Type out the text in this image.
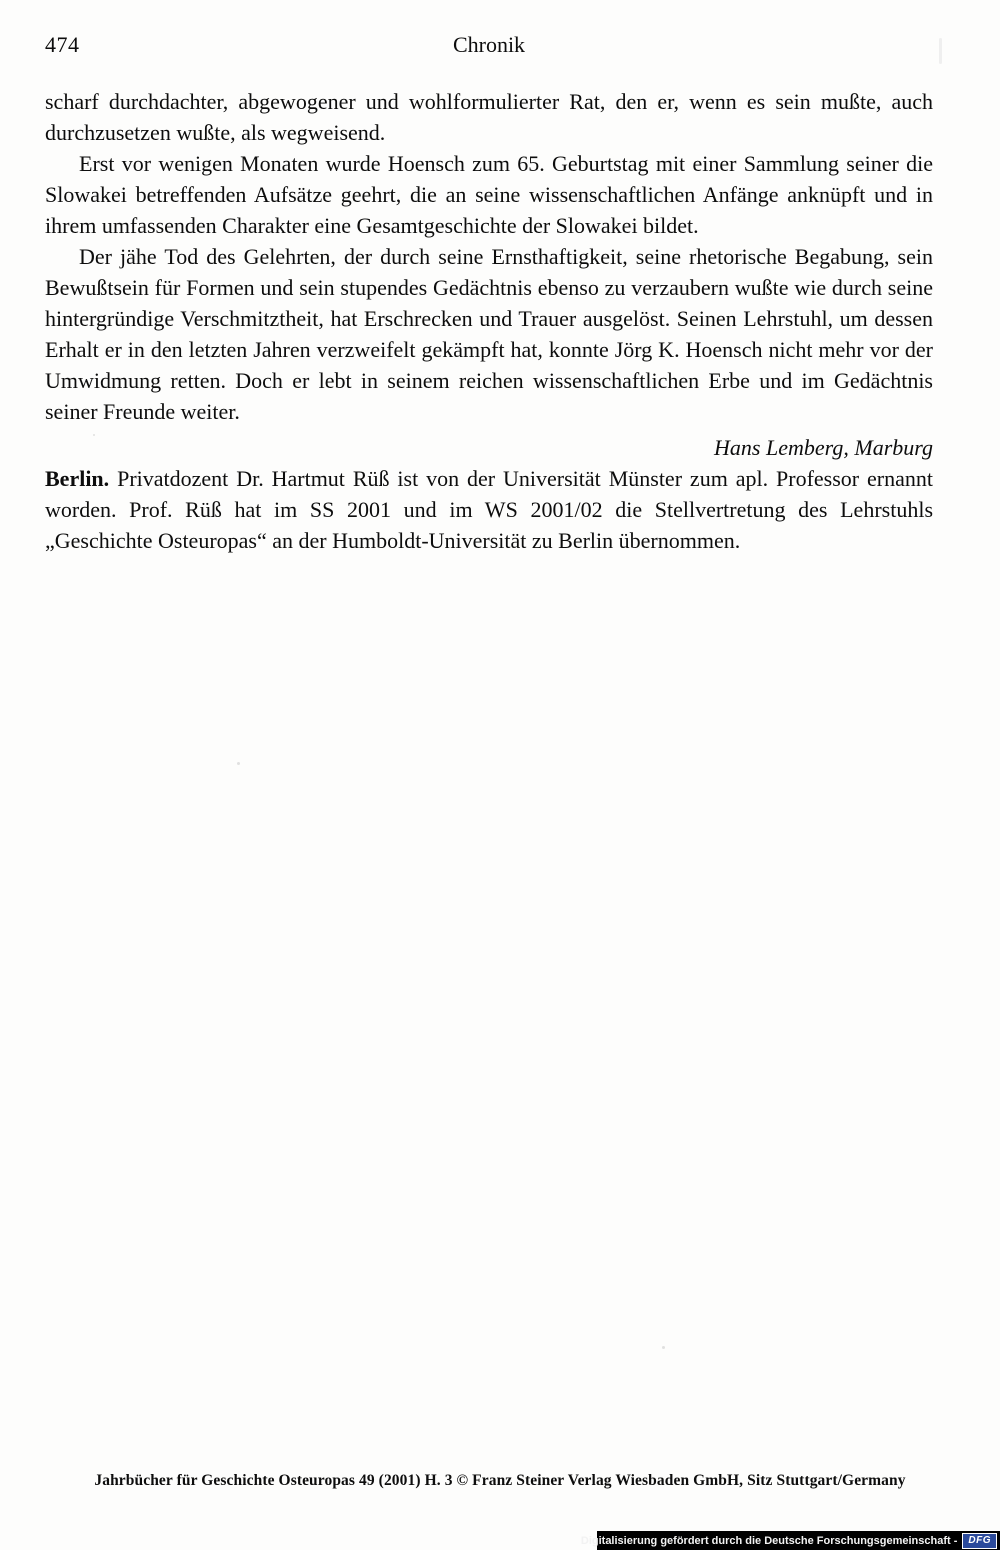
474	Chronik

scharf durchdachter, abgewogener und wohlformulierter Rat, den er, wenn es sein mußte, auch durchzusetzen wußte, als wegweisend.

Erst vor wenigen Monaten wurde Hoensch zum 65. Geburtstag mit einer Sammlung seiner die Slowakei betreffenden Aufsätze geehrt, die an seine wissenschaftlichen Anfänge anknüpft und in ihrem umfassenden Charakter eine Gesamtgeschichte der Slowakei bildet.

Der jähe Tod des Gelehrten, der durch seine Ernsthaftigkeit, seine rhetorische Begabung, sein Bewußtsein für Formen und sein stupendes Gedächtnis ebenso zu verzaubern wußte wie durch seine hintergründige Verschmitztheit, hat Erschrecken und Trauer ausgelöst. Seinen Lehrstuhl, um dessen Erhalt er in den letzten Jahren verzweifelt gekämpft hat, konnte Jörg K. Hoensch nicht mehr vor der Umwidmung retten. Doch er lebt in seinem reichen wissenschaftlichen Erbe und im Gedächtnis seiner Freunde weiter.

Hans Lemberg, Marburg

Berlin. Privatdozent Dr. Hartmut Rüß ist von der Universität Münster zum apl. Professor ernannt worden. Prof. Rüß hat im SS 2001 und im WS 2001/02 die Stellvertretung des Lehrstuhls „Geschichte Osteuropas“ an der Humboldt-Universität zu Berlin übernommen.

Jahrbücher für Geschichte Osteuropas 49 (2001) H. 3 © Franz Steiner Verlag Wiesbaden GmbH, Sitz Stuttgart/Germany
Digitalisierung gefördert durch die Deutsche Forschungsgemeinschaft -	DFG
